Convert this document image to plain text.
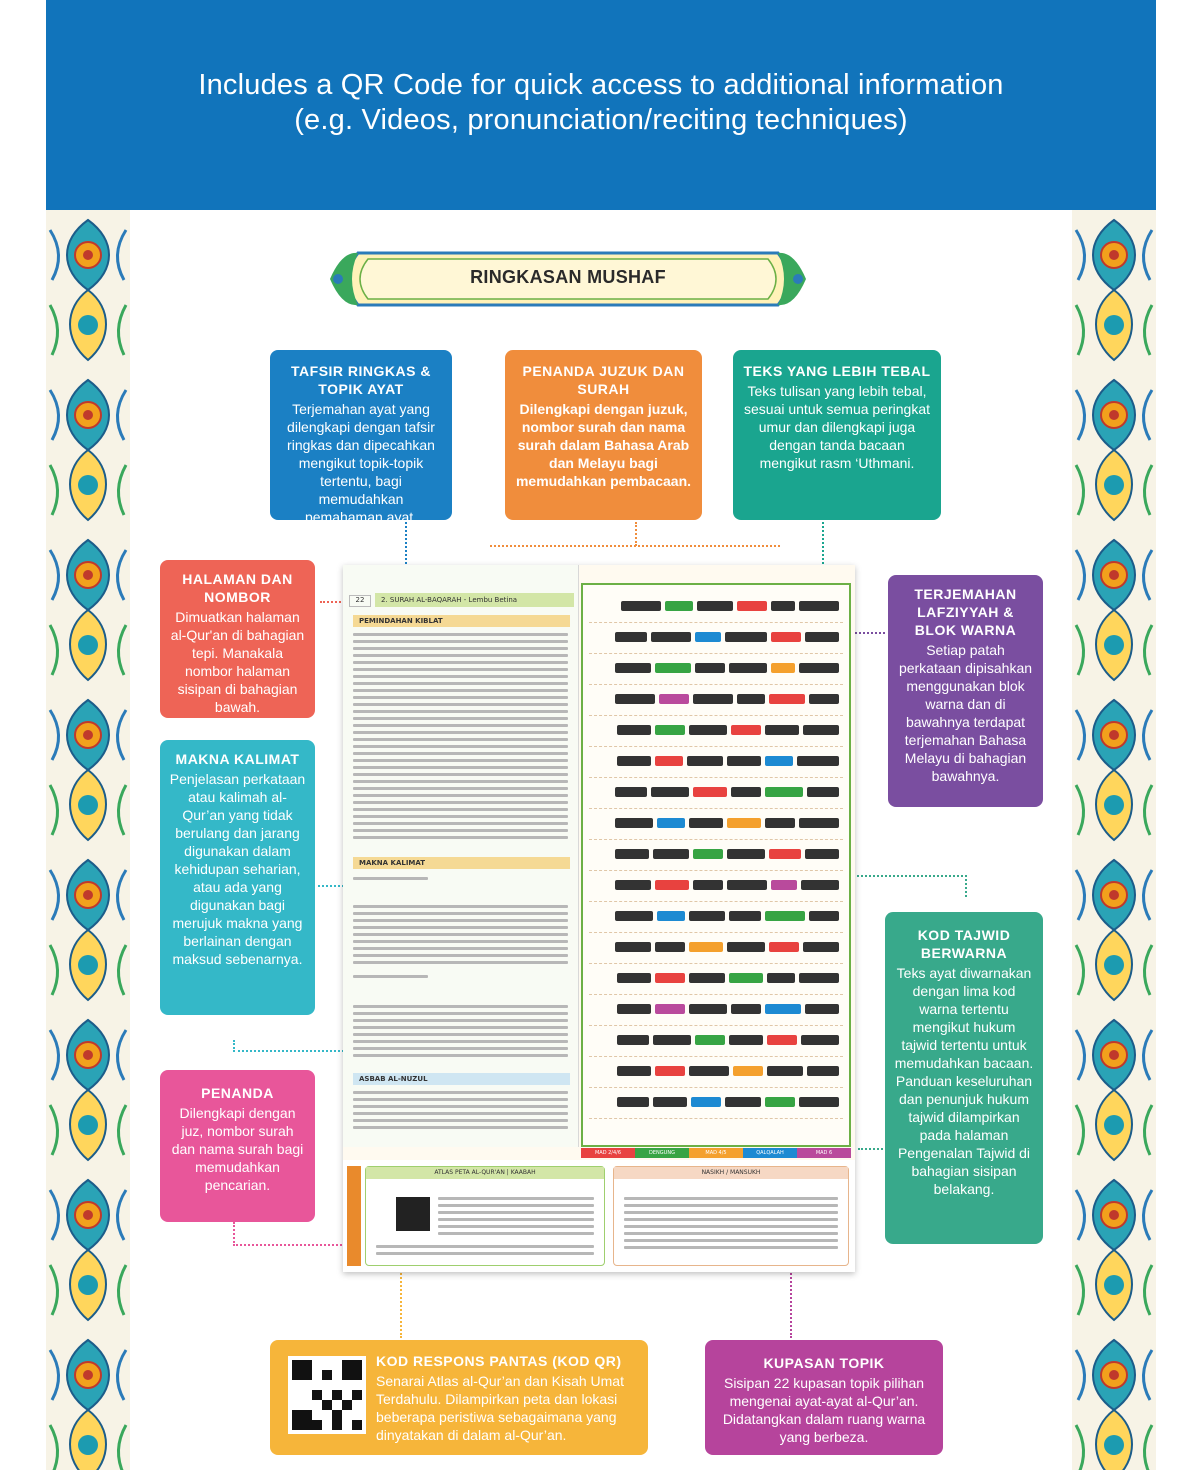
Includes a QR Code for quick access to additional information
(e.g. Videos, pronunciation/reciting techniques)
RINGKASAN MUSHAF
TAFSIR RINGKAS & TOPIK AYAT

Terjemahan ayat yang dilengkapi dengan tafsir ringkas dan dipecahkan mengikut topik-topik tertentu, bagi memudahkan pemahaman ayat.

PENANDA JUZUK DAN SURAH

Dilengkapi dengan juzuk, nombor surah dan nama surah dalam Bahasa Arab dan Melayu bagi memudahkan pembacaan.

TEKS YANG LEBIH TEBAL

Teks tulisan yang lebih tebal, sesuai untuk semua peringkat umur dan dilengkapi juga dengan tanda bacaan mengikut rasm ‘Uthmani.

HALAMAN DAN NOMBOR

Dimuatkan halaman al-Qur'an di bahagian tepi. Manakala nombor halaman sisipan di bahagian bawah.

TERJEMAHAN LAFZIYYAH & BLOK WARNA

Setiap patah perkataan dipisahkan menggunakan blok warna dan di bawahnya terdapat terjemahan Bahasa Melayu di bahagian bawahnya.

MAKNA KALIMAT

Penjelasan perkataan atau kalimah al-Qur’an yang tidak berulang dan jarang digunakan dalam kehidupan seharian, atau ada yang digunakan bagi merujuk makna yang berlainan dengan maksud sebenarnya.

KOD TAJWID BERWARNA

Teks ayat diwarnakan dengan lima kod warna tertentu mengikut hukum tajwid tertentu untuk memudahkan bacaan. Panduan keseluruhan dan penunjuk hukum tajwid dilampirkan pada halaman Pengenalan Tajwid di bahagian sisipan belakang.

PENANDA

Dilengkapi dengan juz, nombor surah dan nama surah bagi memudahkan pencarian.

KOD RESPONS PANTAS (KOD QR)

Senarai Atlas al-Qur’an dan Kisah Umat Terdahulu. Dilampirkan peta dan lokasi beberapa peristiwa sebagaimana yang dinyatakan di dalam al-Qur’an.

KUPASAN TOPIK

Sisipan 22 kupasan topik pilihan mengenai ayat-ayat al-Qur’an. Didatangkan dalam ruang warna yang berbeza.

22	2. SURAH AL-BAQARAH - Lembu Betina
PEMINDAHAN KIBLAT
MAKNA KALIMAT
ASBAB AL-NUZUL
MAD 2/4/6	DENGUNG	MAD 4/5	QALQALAH	MAD 6
ATLAS PETA AL-QUR'AN | KAABAH	NASIKH / MANSUKH
